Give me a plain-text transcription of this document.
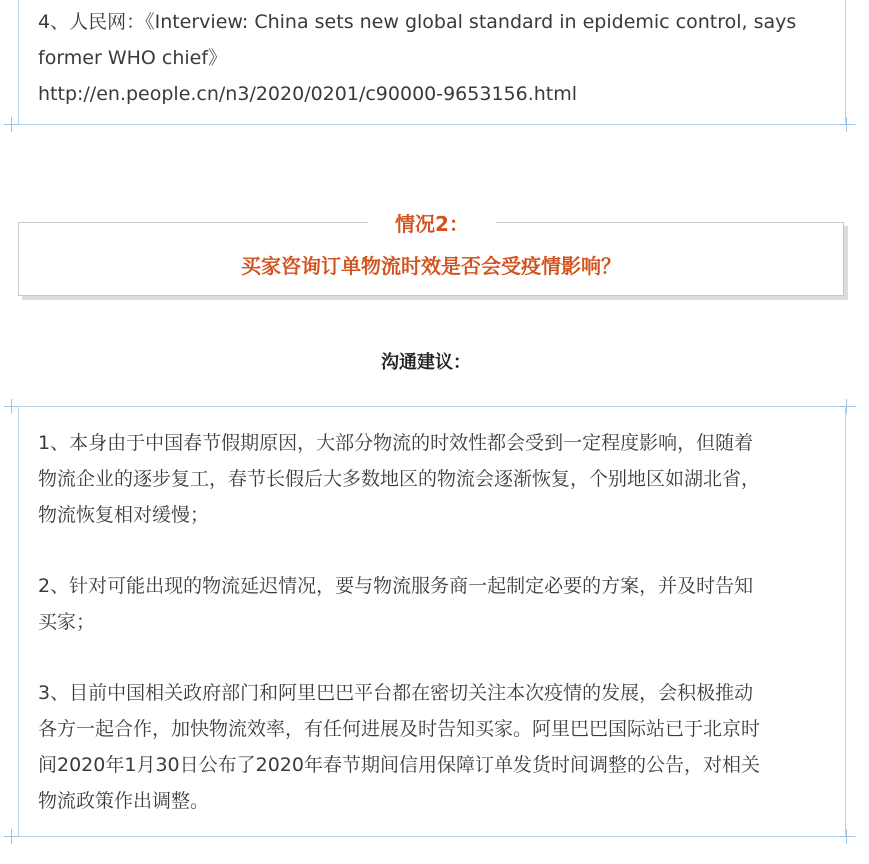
4、人民网：《Interview: China sets new global standard in epidemic control, says

former WHO chief》

http://en.people.cn/n3/2020/0201/c90000-9653156.html

情况2：
买家咨询订单物流时效是否会受疫情影响？
沟通建议：

1、本身由于中国春节假期原因，大部分物流的时效性都会受到一定程度影响，但随着

物流企业的逐步复工，春节长假后大多数地区的物流会逐渐恢复，个别地区如湖北省，

物流恢复相对缓慢；

2、针对可能出现的物流延迟情况，要与物流服务商一起制定必要的方案，并及时告知

买家；

3、目前中国相关政府部门和阿里巴巴平台都在密切关注本次疫情的发展，会积极推动

各方一起合作，加快物流效率，有任何进展及时告知买家。阿里巴巴国际站已于北京时

间2020年1月30日公布了2020年春节期间信用保障订单发货时间调整的公告，对相关

物流政策作出调整。
